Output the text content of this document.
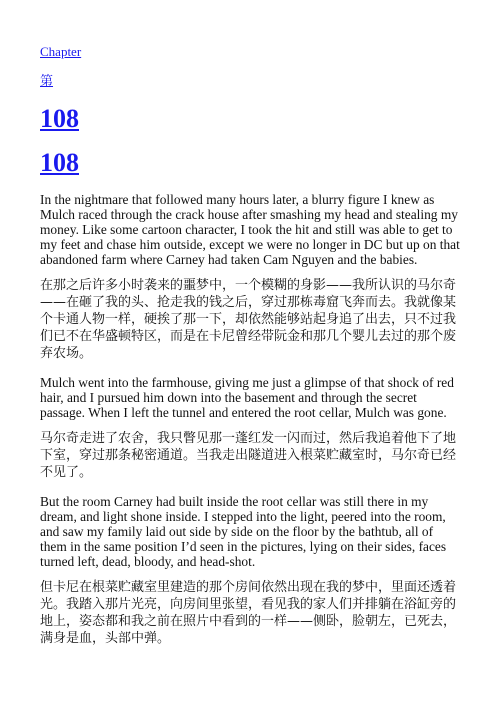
Chapter
第
108
108

In the nightmare that followed many hours later, a blurry figure I knew as Mulch raced through the crack house after smashing my head and stealing my money. Like some cartoon character, I took the hit and still was able to get to my feet and chase him outside, except we were no longer in DC but up on that abandoned farm where Carney had taken Cam Nguyen and the babies.

在那之后许多小时袭来的噩梦中，一个模糊的身影——我所认识的马尔奇——在砸了我的头、抢走我的钱之后，穿过那栋毒窟飞奔而去。我就像某个卡通人物一样，硬挨了那一下，却依然能够站起身追了出去，只不过我们已不在华盛顿特区，而是在卡尼曾经带阮金和那几个婴儿去过的那个废弃农场。

Mulch went into the farmhouse, giving me just a glimpse of that shock of red hair, and I pursued him down into the basement and through the secret passage. When I left the tunnel and entered the root cellar, Mulch was gone.

马尔奇走进了农舍，我只瞥见那一蓬红发一闪而过，然后我追着他下了地下室，穿过那条秘密通道。当我走出隧道进入根菜贮藏室时，马尔奇已经不见了。

But the room Carney had built inside the root cellar was still there in my dream, and light shone inside. I stepped into the light, peered into the room, and saw my family laid out side by side on the floor by the bathtub, all of them in the same position I’d seen in the pictures, lying on their sides, faces turned left, dead, bloody, and head-shot.

但卡尼在根菜贮藏室里建造的那个房间依然出现在我的梦中，里面还透着光。我踏入那片光亮，向房间里张望，看见我的家人们并排躺在浴缸旁的地上，姿态都和我之前在照片中看到的一样——侧卧，脸朝左，已死去，满身是血，头部中弹。
